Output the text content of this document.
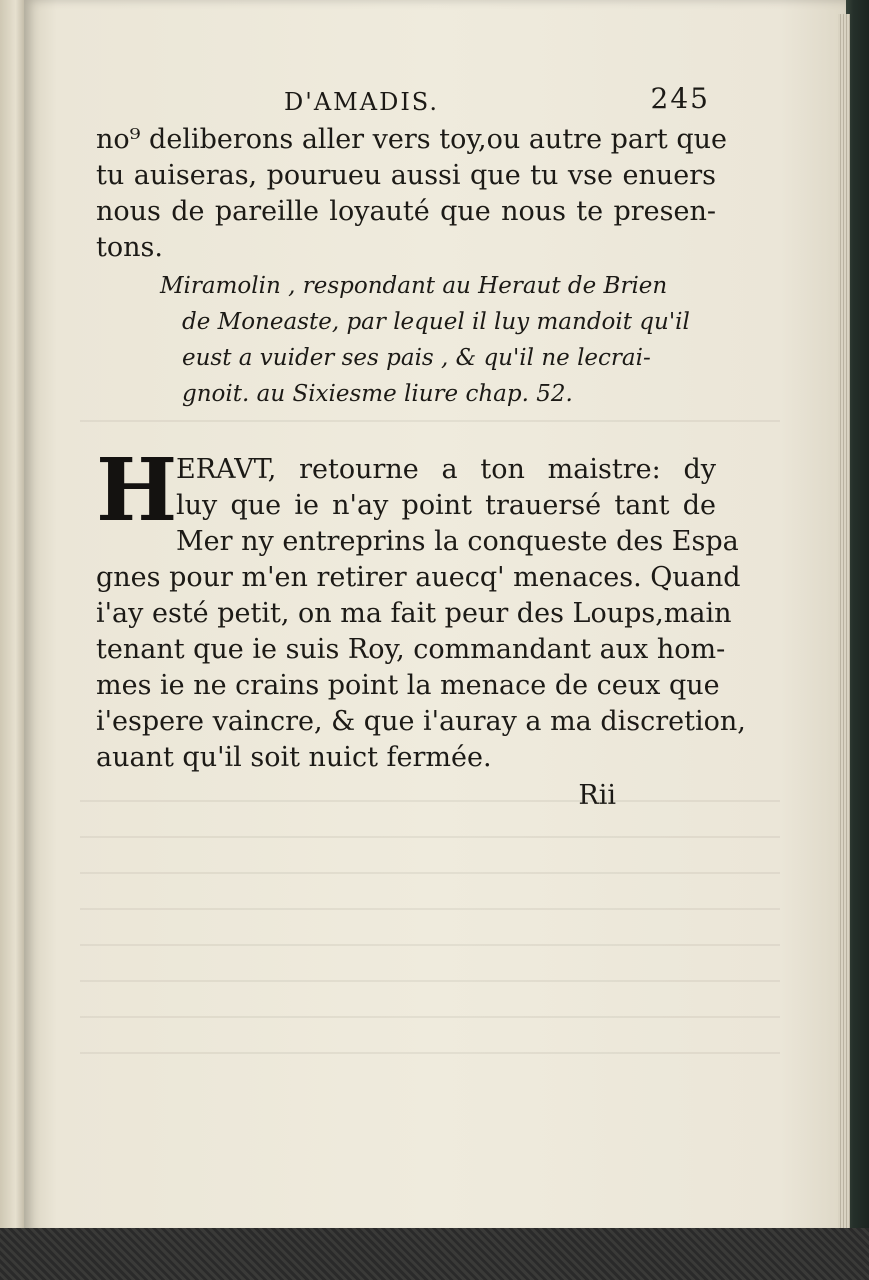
D'AMADIS.	245

no⁹ deliberons aller vers toy,ou autre part que
tu auiseras, pourueu aussi que tu vse enuers
nous de pareille loyauté que nous te presen-
tons.

Miramolin , respondant au Heraut de Brien
de Moneaste, par lequel il luy mandoit qu'il
eust a vuider ses pais , & qu'il ne lecrai-
gnoit. au Sixiesme liure chap. 52.
H
ERAVT, retourne a ton maistre: dy
luy que ie n'ay point trauersé tant de
Mer ny entreprins la conqueste des Espa
gnes pour m'en retirer auecq' menaces. Quand
i'ay esté petit, on ma fait peur des Loups,main
tenant que ie suis Roy, commandant aux hom-
mes ie ne crains point la menace de ceux que
i'espere vaincre, & que i'auray a ma discretion,
auant qu'il soit nuict fermée.
Rii
